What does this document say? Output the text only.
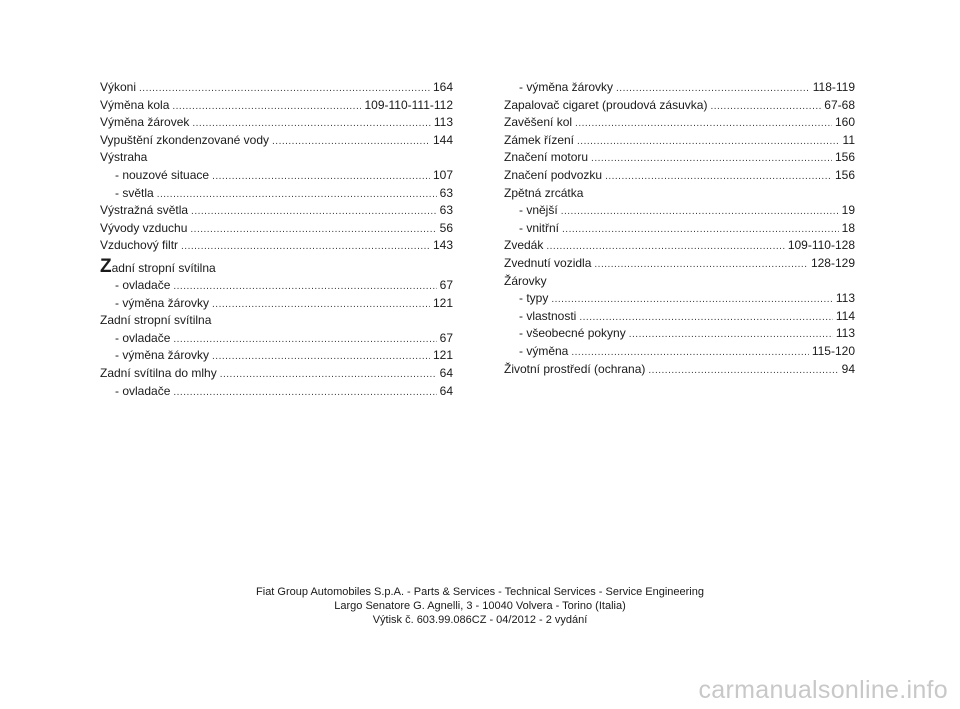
Výkoni .....	164
Výměna kola .....	109-110-111-112
Výměna žárovek .....	113
Vypuštění zkondenzované vody .....	144
Výstraha
- nouzové situace .....	107
- světla .....	63
Výstražná světla .....	63
Vývody vzduchu .....	56
Vzduchový filtr .....	143
Zadní stropní svítilna
- ovladače .....	67
- výměna žárovky .....	121
Zadní stropní svítilna
- ovladače .....	67
- výměna žárovky .....	121
Zadní svítilna do mlhy .....	64
- ovladače .....	64
- výměna žárovky .....	118-119
Zapalovač cigaret (proudová zásuvka) .....	67-68
Zavěšení kol .....	160
Zámek řízení .....	11
Značení motoru .....	156
Značení podvozku .....	156
Zpětná zrcátka
- vnější .....	19
- vnitřní .....	18
Zvedák .....	109-110-128
Zvednutí vozidla .....	128-129
Žárovky
- typy .....	113
- vlastnosti .....	114
- všeobecné pokyny .....	113
- výměna .....	115-120
Životní prostředí (ochrana) .....	94
Fiat Group Automobiles S.p.A. - Parts & Services - Technical Services - Service Engineering
Largo Senatore G. Agnelli, 3 - 10040 Volvera - Torino (Italia)
Výtisk č. 603.99.086CZ - 04/2012 - 2 vydání
carmanualsonline.info
